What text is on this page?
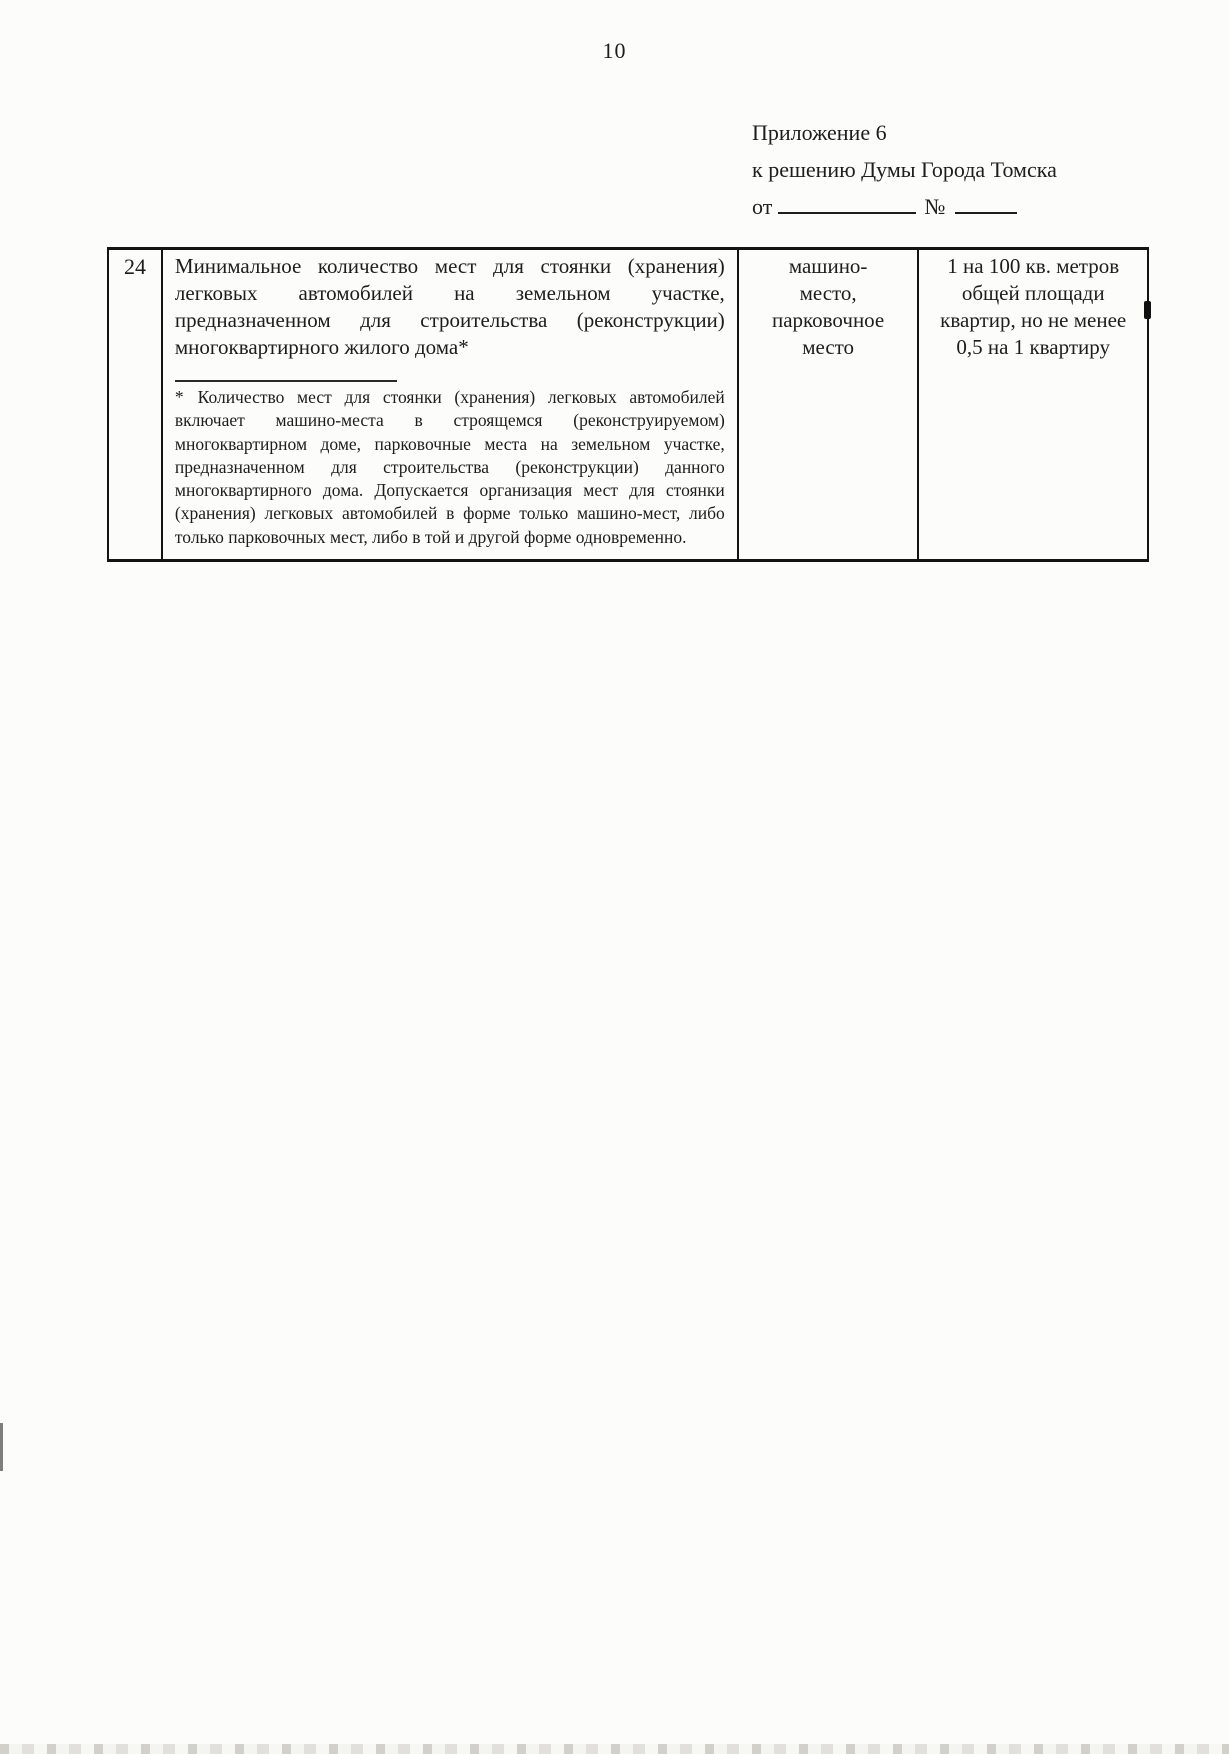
10
Приложение 6
к решению Думы Города Томска
от	№
24	Минимальное количество мест для стоянки (хранения) легковых автомобилей на земельном участке, предназначенном для строительства (реконструкции) многоквартирного жилого дома*

* Количество мест для стоянки (хранения) легковых автомобилей включает машино-места в строящемся (реконструируемом) многоквартирном доме, парковочные места на земельном участке, предназначенном для строительства (реконструкции) данного многоквартирного дома. Допускается организация мест для стоянки (хранения) легковых автомобилей в форме только машино-мест, либо только парковочных мест, либо в той и другой форме одновременно.

машино-
место,
парковочное
место
1 на 100 кв. метров
общей площади
квартир, но не менее
0,5 на 1 квартиру
